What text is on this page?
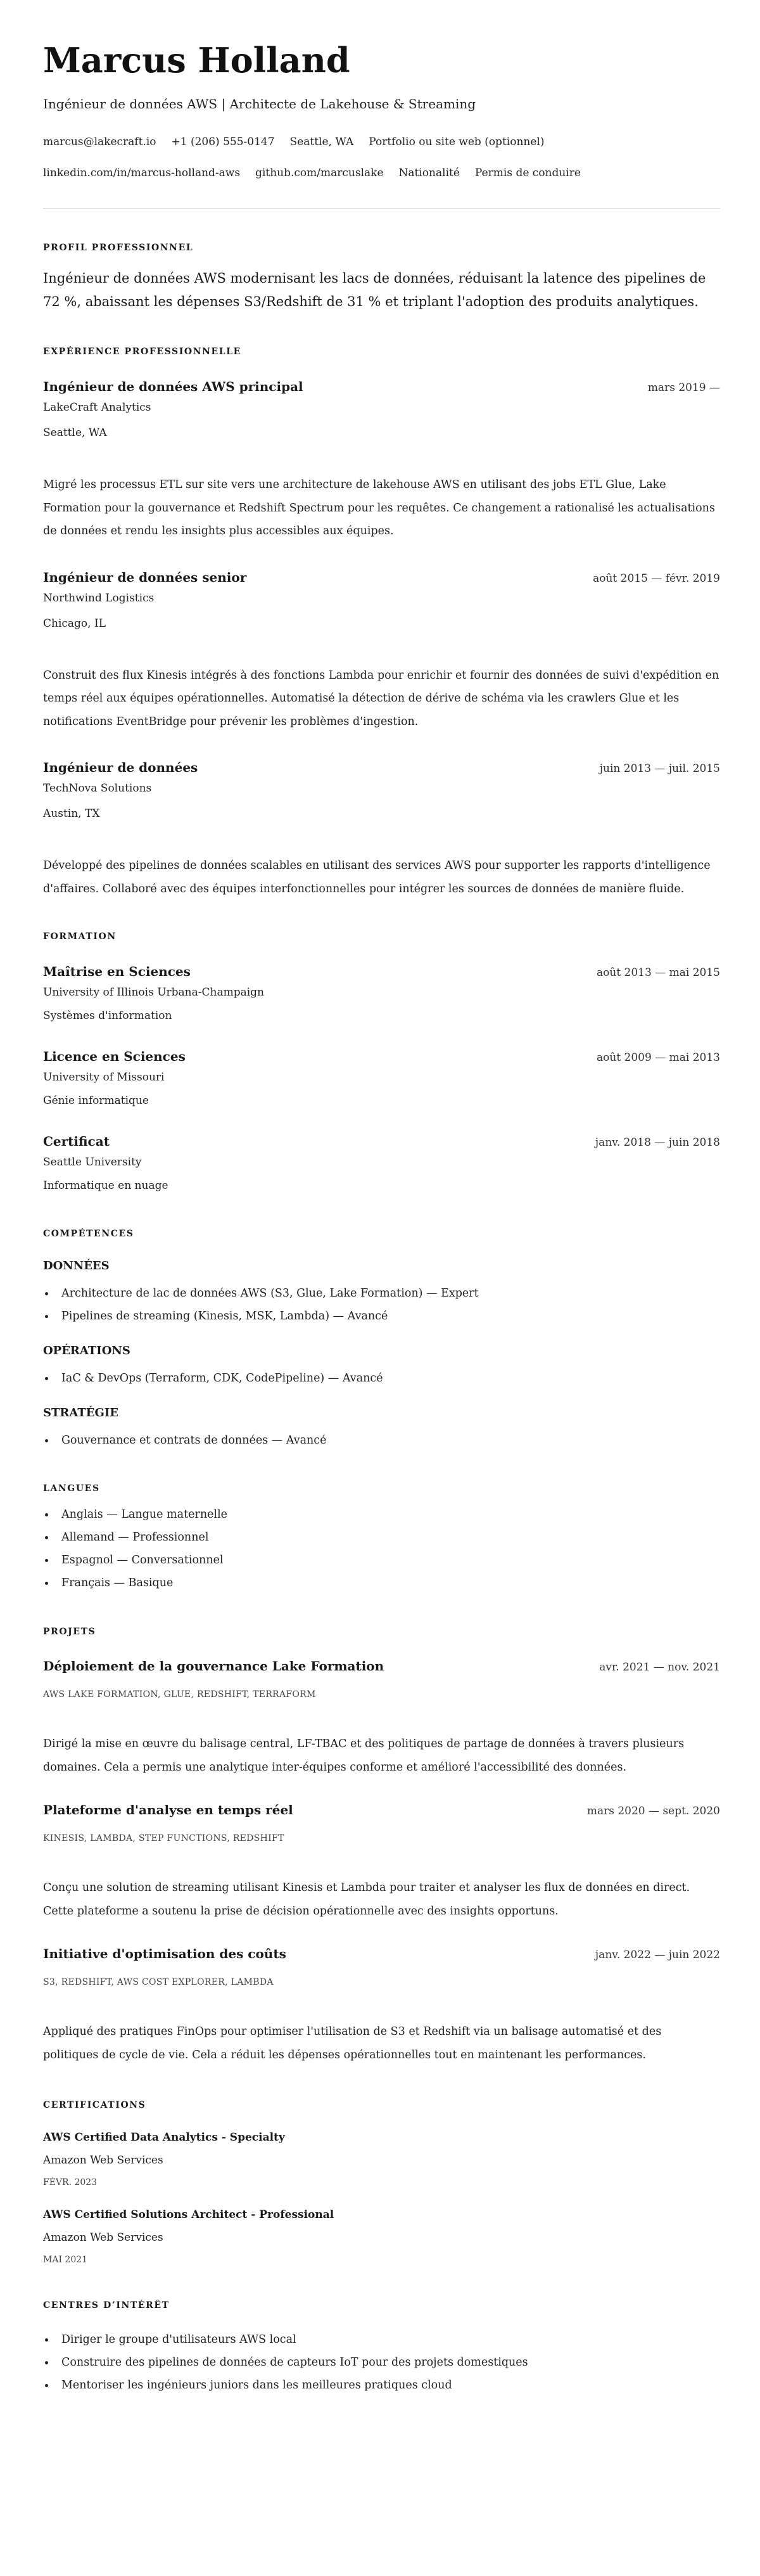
Marcus Holland
Ingénieur de données AWS | Architecte de Lakehouse & Streaming
marcus@lakecraft.io +1 (206) 555-0147 Seattle, WA Portfolio ou site web (optionnel)
linkedin.com/in/marcus-holland-aws github.com/marcuslake Nationalité Permis de conduire
PROFIL PROFESSIONNEL
Ingénieur de données AWS modernisant les lacs de données, réduisant la latence des pipelines de 72 %, abaissant les dépenses S3/Redshift de 31 % et triplant l'adoption des produits analytiques.
EXPÉRIENCE PROFESSIONNELLE
Ingénieur de données AWS principal	mars 2019 —
LakeCraft Analytics
Seattle, WA
Migré les processus ETL sur site vers une architecture de lakehouse AWS en utilisant des jobs ETL Glue, Lake Formation pour la gouvernance et Redshift Spectrum pour les requêtes. Ce changement a rationalisé les actualisations de données et rendu les insights plus accessibles aux équipes.
Ingénieur de données senior	août 2015 — févr. 2019
Northwind Logistics
Chicago, IL
Construit des flux Kinesis intégrés à des fonctions Lambda pour enrichir et fournir des données de suivi d'expédition en temps réel aux équipes opérationnelles. Automatisé la détection de dérive de schéma via les crawlers Glue et les notifications EventBridge pour prévenir les problèmes d'ingestion.
Ingénieur de données	juin 2013 — juil. 2015
TechNova Solutions
Austin, TX
Développé des pipelines de données scalables en utilisant des services AWS pour supporter les rapports d'intelligence d'affaires. Collaboré avec des équipes interfonctionnelles pour intégrer les sources de données de manière fluide.
FORMATION
Maîtrise en Sciences	août 2013 — mai 2015
University of Illinois Urbana-Champaign
Systèmes d'information
Licence en Sciences	août 2009 — mai 2013
University of Missouri
Génie informatique
Certificat	janv. 2018 — juin 2018
Seattle University
Informatique en nuage
COMPÉTENCES
DONNÉES
Architecture de lac de données AWS (S3, Glue, Lake Formation) — Expert
Pipelines de streaming (Kinesis, MSK, Lambda) — Avancé
OPÉRATIONS
IaC & DevOps (Terraform, CDK, CodePipeline) — Avancé
STRATÉGIE
Gouvernance et contrats de données — Avancé
LANGUES
Anglais — Langue maternelle
Allemand — Professionnel
Espagnol — Conversationnel
Français — Basique
PROJETS
Déploiement de la gouvernance Lake Formation	avr. 2021 — nov. 2021
AWS LAKE FORMATION, GLUE, REDSHIFT, TERRAFORM
Dirigé la mise en œuvre du balisage central, LF-TBAC et des politiques de partage de données à travers plusieurs domaines. Cela a permis une analytique inter-équipes conforme et amélioré l'accessibilité des données.
Plateforme d'analyse en temps réel	mars 2020 — sept. 2020
KINESIS, LAMBDA, STEP FUNCTIONS, REDSHIFT
Conçu une solution de streaming utilisant Kinesis et Lambda pour traiter et analyser les flux de données en direct. Cette plateforme a soutenu la prise de décision opérationnelle avec des insights opportuns.
Initiative d'optimisation des coûts	janv. 2022 — juin 2022
S3, REDSHIFT, AWS COST EXPLORER, LAMBDA
Appliqué des pratiques FinOps pour optimiser l'utilisation de S3 et Redshift via un balisage automatisé et des politiques de cycle de vie. Cela a réduit les dépenses opérationnelles tout en maintenant les performances.
CERTIFICATIONS
AWS Certified Data Analytics - Specialty
Amazon Web Services
FÉVR. 2023
AWS Certified Solutions Architect - Professional
Amazon Web Services
MAI 2021
CENTRES D’INTÉRÊT
Diriger le groupe d'utilisateurs AWS local
Construire des pipelines de données de capteurs IoT pour des projets domestiques
Mentoriser les ingénieurs juniors dans les meilleures pratiques cloud
